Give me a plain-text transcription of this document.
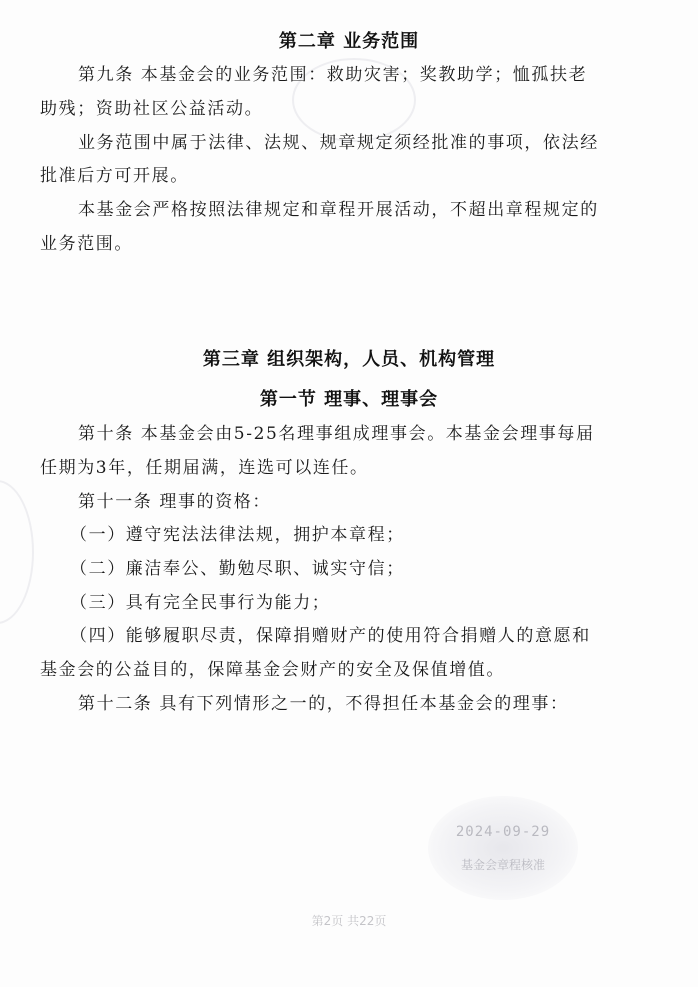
第二章 业务范围
第九条 本基金会的业务范围：救助灾害；奖教助学；恤孤扶老
助残；资助社区公益活动。
业务范围中属于法律、法规、规章规定须经批准的事项，依法经
批准后方可开展。
本基金会严格按照法律规定和章程开展活动，不超出章程规定的
业务范围。
第三章 组织架构，人员、机构管理
第一节 理事、理事会
第十条 本基金会由5-25名理事组成理事会。本基金会理事每届
任期为3年，任期届满，连选可以连任。
第十一条 理事的资格：
（一）遵守宪法法律法规，拥护本章程；
（二）廉洁奉公、勤勉尽职、诚实守信；
（三）具有完全民事行为能力；
（四）能够履职尽责，保障捐赠财产的使用符合捐赠人的意愿和
基金会的公益目的，保障基金会财产的安全及保值增值。
第十二条 具有下列情形之一的，不得担任本基金会的理事：
2024-09-29
基金会章程核准
第2页 共22页
